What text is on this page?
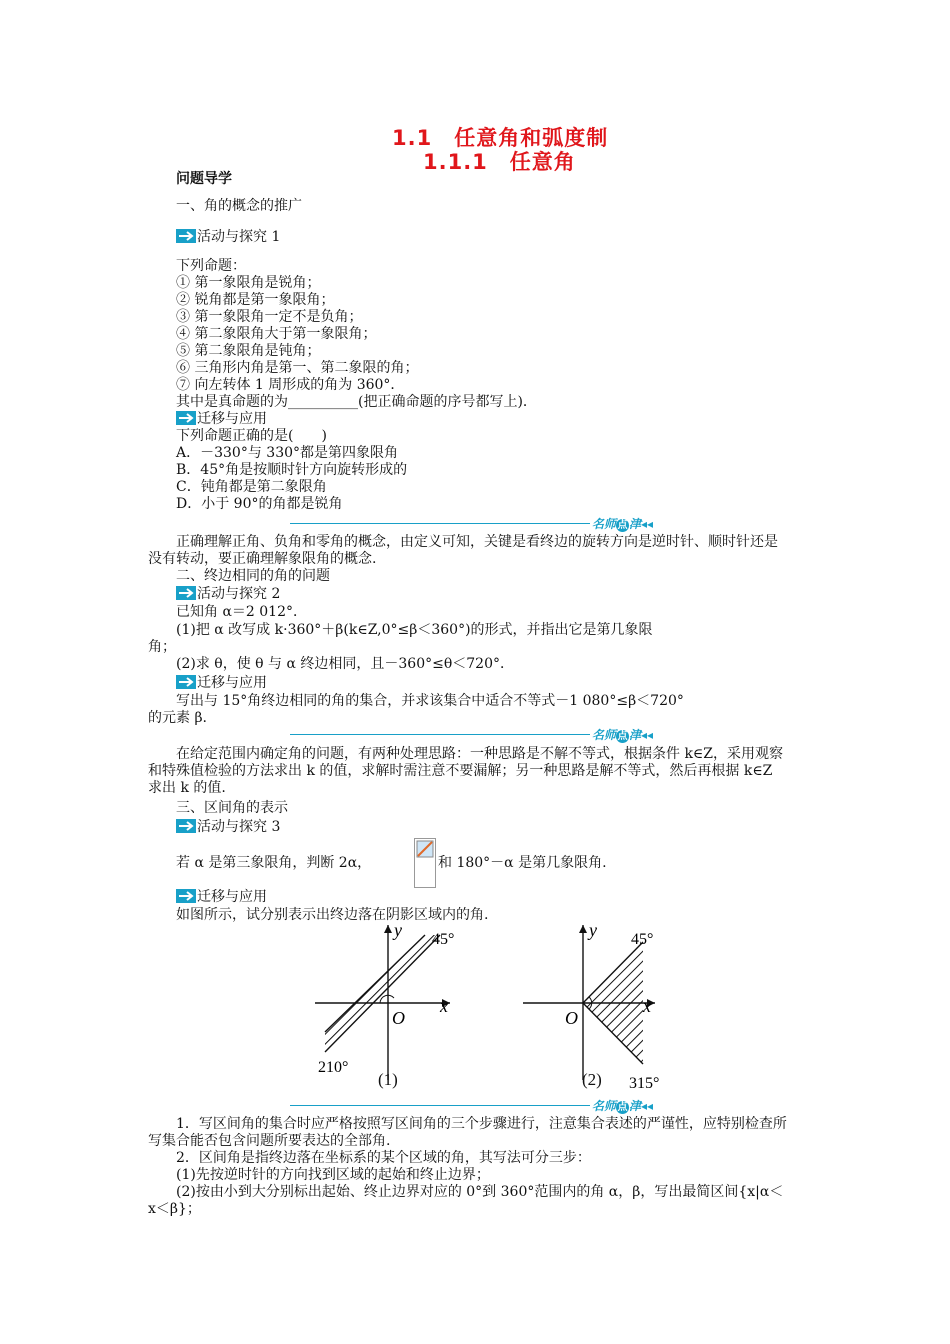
1.1　任意角和弧度制
1.1.1　任意角
问题导学
一、角的概念的推广
活动与探究 1
下列命题：
① 第一象限角是锐角；
② 锐角都是第一象限角；
③ 第一象限角一定不是负角；
④ 第二象限角大于第一象限角；
⑤ 第二象限角是钝角；
⑥ 三角形内角是第一、第二象限的角；
⑦ 向左转体 1 周形成的角为 360°．
其中是真命题的为__________(把正确命题的序号都写上)．
迁移与应用
下列命题正确的是(　　)
A．－330°与 330°都是第四象限角
B．45°角是按顺时针方向旋转形成的
C．钝角都是第二象限角
D．小于 90°的角都是锐角
名师 点 津◂◂
正确理解正角、负角和零角的概念，由定义可知，关键是看终边的旋转方向是逆时针、顺时针还是没有转动，要正确理解象限角的概念.
二、终边相同的角的问题
活动与探究 2
已知角 α＝2 012°．
(1)把 α 改写成 k·360°＋β(k∈Z,0°≤β＜360°)的形式，并指出它是第几象限
角；
(2)求 θ，使 θ 与 α 终边相同，且－360°≤θ＜720°．
迁移与应用
写出与 15°角终边相同的角的集合，并求该集合中适合不等式－1 080°≤β＜720°
的元素 β.
名师 点 津◂◂
在给定范围内确定角的问题，有两种处理思路：一种思路是不解不等式，根据条件 k∈Z，采用观察和特殊值检验的方法求出 k 的值，求解时需注意不要漏解；另一种思路是解不等式，然后再根据 k∈Z 求出 k 的值.
三、区间角的表示
活动与探究 3
若 α 是第三象限角，判断 2α，	和 180°－α 是第几象限角.
迁移与应用
如图所示，试分别表示出终边落在阴影区域内的角.
y
x
O
45°
210°
(1)
y
x
O
45°
315°
(2)
名师 点 津◂◂
1．写区间角的集合时应严格按照写区间角的三个步骤进行，注意集合表述的严谨性，应特别检查所写集合能否包含问题所要表达的全部角.
2．区间角是指终边落在坐标系的某个区域的角，其写法可分三步：
(1)先按逆时针的方向找到区域的起始和终止边界；
(2)按由小到大分别标出起始、终止边界对应的 0°到 360°范围内的角 α，β，写出最简区间{x|α＜x＜β}；
